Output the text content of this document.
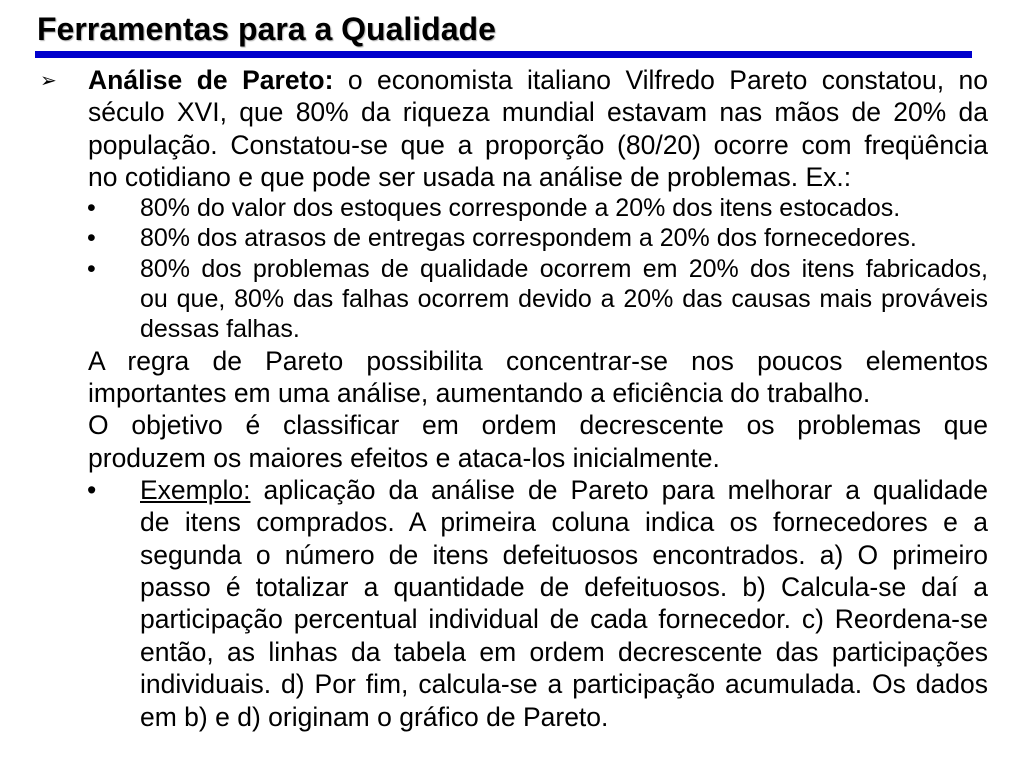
Ferramentas para a Qualidade
➢ Análise de Pareto: o economista italiano Vilfredo Pareto constatou, no
século XVI, que 80% da riqueza mundial estavam nas mãos de 20% da
população. Constatou-se que a proporção (80/20) ocorre com freqüência
no cotidiano e que pode ser usada na análise de problemas. Ex.:
• 80% do valor dos estoques corresponde a 20% dos itens estocados.
• 80% dos atrasos de entregas correspondem a 20% dos fornecedores.
• 80% dos problemas de qualidade ocorrem em 20% dos itens fabricados,
ou que, 80% das falhas ocorrem devido a 20% das causas mais prováveis
dessas falhas.
A regra de Pareto possibilita concentrar-se nos poucos elementos
importantes em uma análise, aumentando a eficiência do trabalho.
O objetivo é classificar em ordem decrescente os problemas que
produzem os maiores efeitos e ataca-los inicialmente.
• Exemplo: aplicação da análise de Pareto para melhorar a qualidade
de itens comprados. A primeira coluna indica os fornecedores e a
segunda o número de itens defeituosos encontrados. a) O primeiro
passo é totalizar a quantidade de defeituosos. b) Calcula-se daí a
participação percentual individual de cada fornecedor. c) Reordena-se
então, as linhas da tabela em ordem decrescente das participações
individuais. d) Por fim, calcula-se a participação acumulada. Os dados
em b) e d) originam o gráfico de Pareto.
